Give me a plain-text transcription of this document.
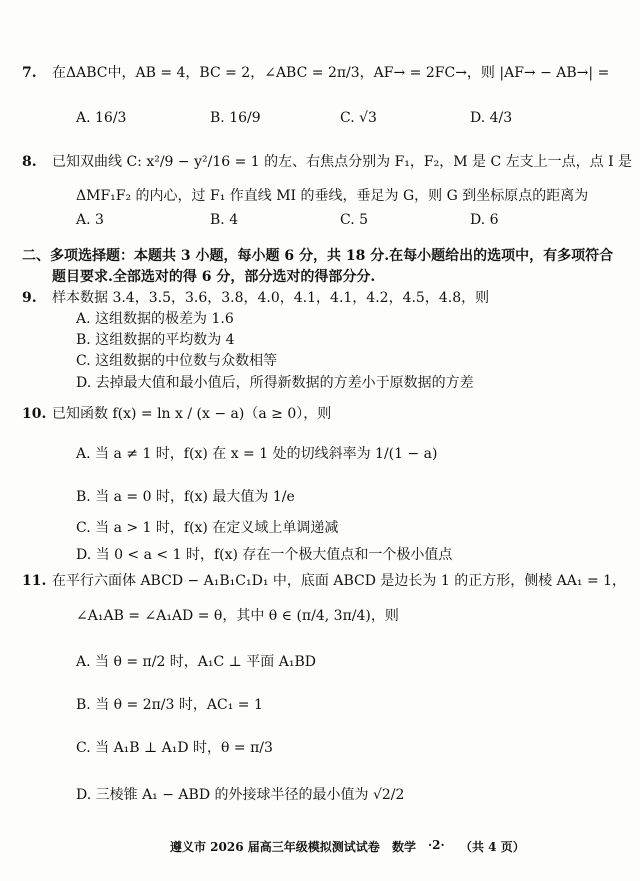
7. 在ΔABC中，AB = 4，BC = 2，∠ABC = 2π/3，AF→ = 2FC→，则 |AF→ − AB→| =
A. 16/3	B. 16/9	C. √3	D. 4/3
8. 已知双曲线 C: x²/9 − y²/16 = 1 的左、右焦点分别为 F₁，F₂，M 是 C 左支上一点，点 I 是
ΔMF₁F₂ 的内心，过 F₁ 作直线 MI 的垂线，垂足为 G，则 G 到坐标原点的距离为
A. 3	B. 4	C. 5	D. 6
二、多项选择题：本题共 3 小题，每小题 6 分，共 18 分.在每小题给出的选项中，有多项符合
题目要求.全部选对的得 6 分，部分选对的得部分分.
9. 样本数据 3.4，3.5，3.6，3.8，4.0，4.1，4.1，4.2，4.5，4.8，则
A. 这组数据的极差为 1.6
B. 这组数据的平均数为 4
C. 这组数据的中位数与众数相等
D. 去掉最大值和最小值后，所得新数据的方差小于原数据的方差
10. 已知函数 f(x) = ln x / (x − a)（a ≥ 0），则
A. 当 a ≠ 1 时，f(x) 在 x = 1 处的切线斜率为 1/(1 − a)
B. 当 a = 0 时，f(x) 最大值为 1/e
C. 当 a > 1 时，f(x) 在定义域上单调递减
D. 当 0 < a < 1 时，f(x) 存在一个极大值点和一个极小值点
11. 在平行六面体 ABCD − A₁B₁C₁D₁ 中，底面 ABCD 是边长为 1 的正方形，侧棱 AA₁ = 1，
∠A₁AB = ∠A₁AD = θ，其中 θ ∈ (π/4, 3π/4)，则
A. 当 θ = π/2 时，A₁C ⊥ 平面 A₁BD
B. 当 θ = 2π/3 时，AC₁ = 1
C. 当 A₁B ⊥ A₁D 时，θ = π/3
D. 三棱锥 A₁ − ABD 的外接球半径的最小值为 √2/2
遵义市 2026 届高三年级模拟测试试卷 数学 ·2· （共 4 页）
